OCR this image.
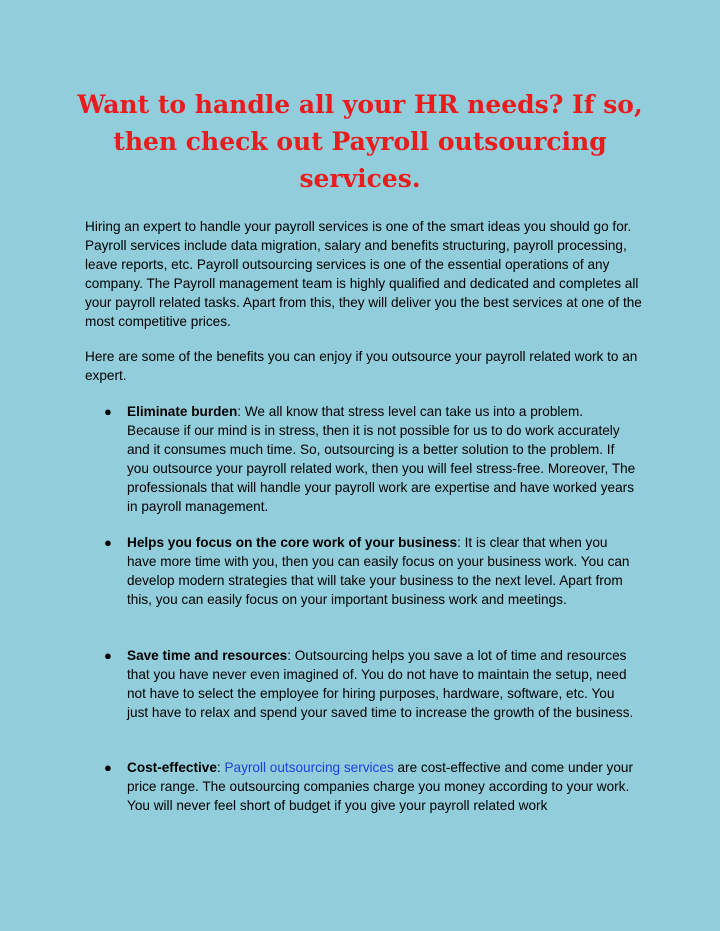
Want to handle all your HR needs? If so, then check out Payroll outsourcing services.

Hiring an expert to handle your payroll services is one of the smart ideas you should go for. Payroll services include data migration, salary and benefits structuring, payroll processing, leave reports, etc. Payroll outsourcing services is one of the essential operations of any company. The Payroll management team is highly qualified and dedicated and completes all your payroll related tasks. Apart from this, they will deliver you the best services at one of the most competitive prices.

Here are some of the benefits you can enjoy if you outsource your payroll related work to an expert.

● Eliminate burden: We all know that stress level can take us into a problem. Because if our mind is in stress, then it is not possible for us to do work accurately and it consumes much time. So, outsourcing is a better solution to the problem. If you outsource your payroll related work, then you will feel stress-free. Moreover, The professionals that will handle your payroll work are expertise and have worked years in payroll management.

● Helps you focus on the core work of your business: It is clear that when you have more time with you, then you can easily focus on your business work. You can develop modern strategies that will take your business to the next level. Apart from this, you can easily focus on your important business work and meetings.

● Save time and resources: Outsourcing helps you save a lot of time and resources that you have never even imagined of. You do not have to maintain the setup, need not have to select the employee for hiring purposes, hardware, software, etc. You just have to relax and spend your saved time to increase the growth of the business.

● Cost-effective: Payroll outsourcing services are cost-effective and come under your price range. The outsourcing companies charge you money according to your work. You will never feel short of budget if you give your payroll related work
